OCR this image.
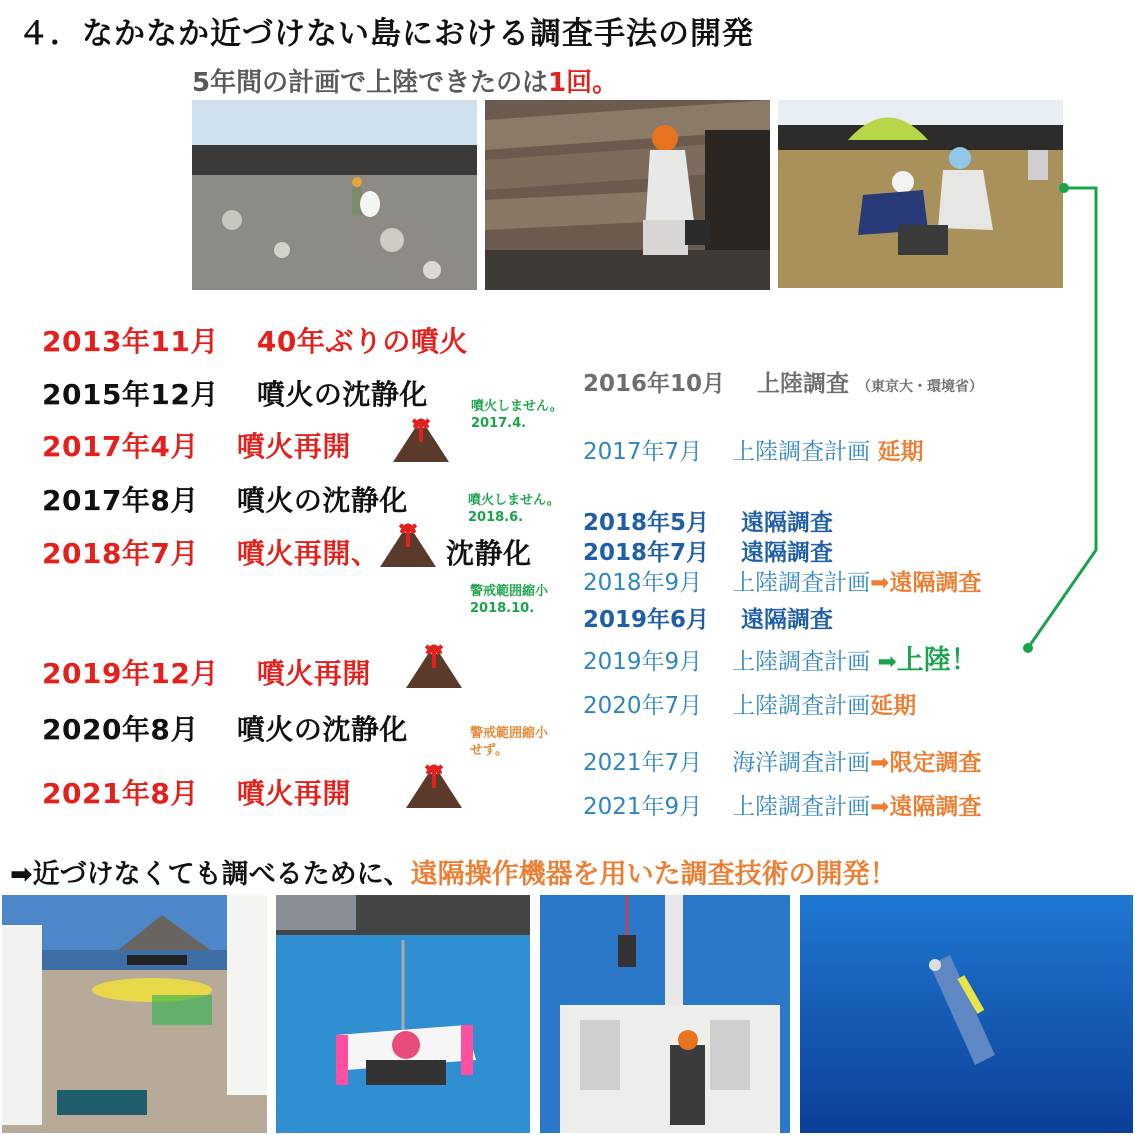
４．なかなか近づけない島における調査手法の開発
5年間の計画で上陸できたのは1回。
2013年11月 40年ぶりの噴火
2015年12月 噴火の沈静化
2017年4月 噴火再開
2017年8月 噴火の沈静化
2018年7月 噴火再開、 沈静化
2019年12月 噴火再開
2020年8月 噴火の沈静化
2021年8月 噴火再開
噴火しません。
2017.4.
噴火しません。
2018.6.
警戒範囲縮小
2018.10.
警戒範囲縮小
せず。
2016年10月 上陸調査 （東京大・環境省）
2017年7月 上陸調査計画 延期
2018年5月 遠隔調査
2018年7月 遠隔調査
2018年9月 上陸調査計画➡遠隔調査
2019年6月 遠隔調査
2019年9月 上陸調査計画 ➡上陸！
2020年7月 上陸調査計画延期
2021年7月 海洋調査計画➡限定調査
2021年9月 上陸調査計画➡遠隔調査
➡近づけなくても調べるために、遠隔操作機器を用いた調査技術の開発！
